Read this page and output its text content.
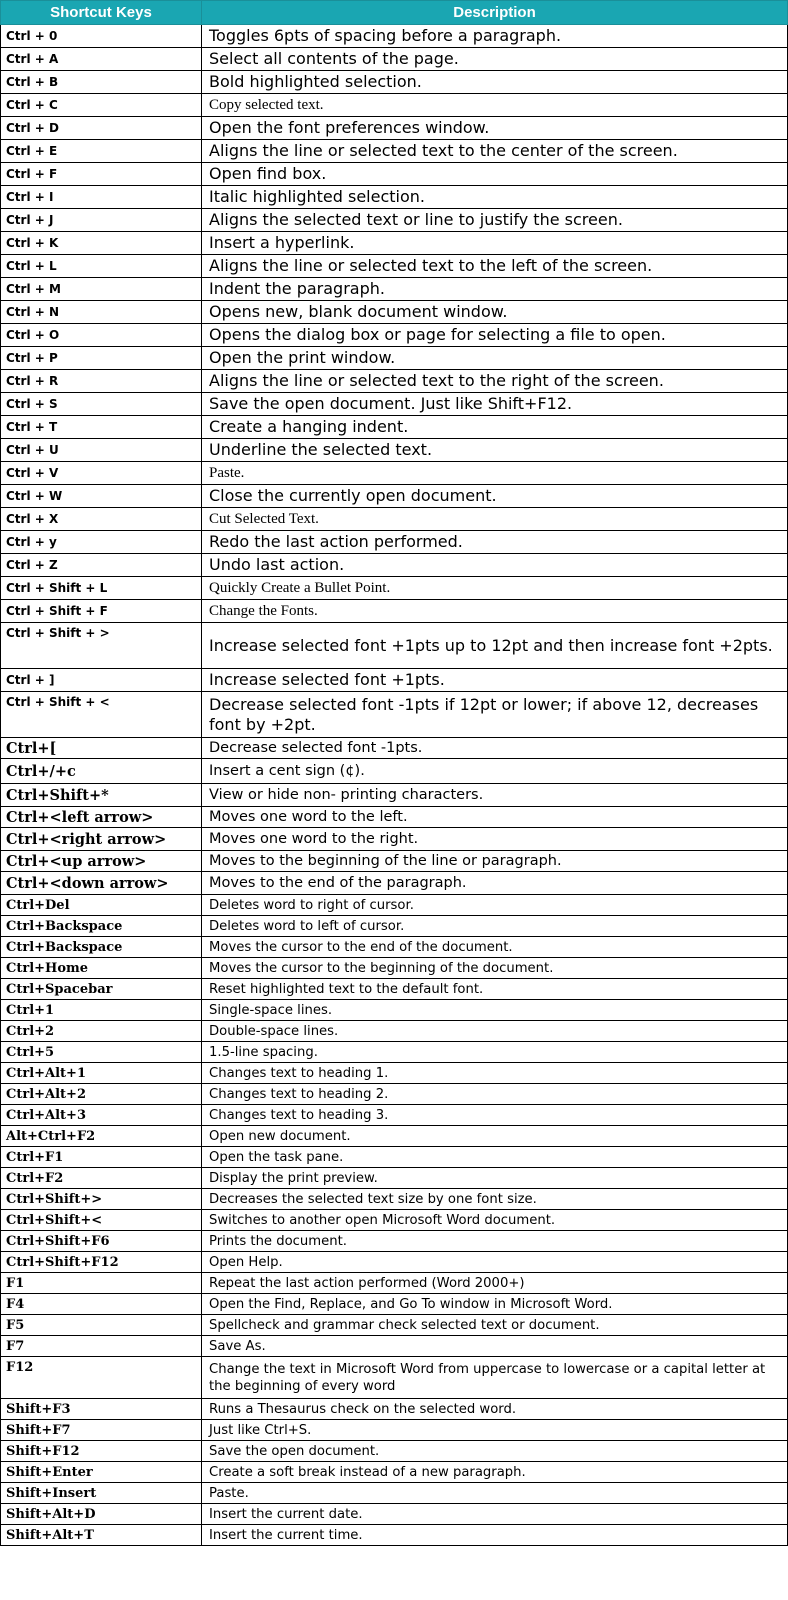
Shortcut Keys	Description
Ctrl + 0	Toggles 6pts of spacing before a paragraph.
Ctrl + A	Select all contents of the page.
Ctrl + B	Bold highlighted selection.
Ctrl + C	Copy selected text.
Ctrl + D	Open the font preferences window.
Ctrl + E	Aligns the line or selected text to the center of the screen.
Ctrl + F	Open find box.
Ctrl + I	Italic highlighted selection.
Ctrl + J	Aligns the selected text or line to justify the screen.
Ctrl + K	Insert a hyperlink.
Ctrl + L	Aligns the line or selected text to the left of the screen.
Ctrl + M	Indent the paragraph.
Ctrl + N	Opens new, blank document window.
Ctrl + O	Opens the dialog box or page for selecting a file to open.
Ctrl + P	Open the print window.
Ctrl + R	Aligns the line or selected text to the right of the screen.
Ctrl + S	Save the open document. Just like Shift+F12.
Ctrl + T	Create a hanging indent.
Ctrl + U	Underline the selected text.
Ctrl + V	Paste.
Ctrl + W	Close the currently open document.
Ctrl + X	Cut Selected Text.
Ctrl + y	Redo the last action performed.
Ctrl + Z	Undo last action.
Ctrl + Shift + L	Quickly Create a Bullet Point.
Ctrl + Shift + F	Change the Fonts.
Ctrl + Shift + >	Increase selected font +1pts up to 12pt and then increase font +2pts.
Ctrl + ]	Increase selected font +1pts.
Ctrl + Shift + <	Decrease selected font -1pts if 12pt or lower; if above 12, decreases font by +2pt.
Ctrl+[	Decrease selected font -1pts.
Ctrl+/+c	Insert a cent sign (¢).
Ctrl+Shift+*	View or hide non- printing characters.
Ctrl+<left arrow>	Moves one word to the left.
Ctrl+<right arrow>	Moves one word to the right.
Ctrl+<up arrow>	Moves to the beginning of the line or paragraph.
Ctrl+<down arrow>	Moves to the end of the paragraph.
Ctrl+Del	Deletes word to right of cursor.
Ctrl+Backspace	Deletes word to left of cursor.
Ctrl+Backspace	Moves the cursor to the end of the document.
Ctrl+Home	Moves the cursor to the beginning of the document.
Ctrl+Spacebar	Reset highlighted text to the default font.
Ctrl+1	Single-space lines.
Ctrl+2	Double-space lines.
Ctrl+5	1.5-line spacing.
Ctrl+Alt+1	Changes text to heading 1.
Ctrl+Alt+2	Changes text to heading 2.
Ctrl+Alt+3	Changes text to heading 3.
Alt+Ctrl+F2	Open new document.
Ctrl+F1	Open the task pane.
Ctrl+F2	Display the print preview.
Ctrl+Shift+>	Decreases the selected text size by one font size.
Ctrl+Shift+<	Switches to another open Microsoft Word document.
Ctrl+Shift+F6	Prints the document.
Ctrl+Shift+F12	Open Help.
F1	Repeat the last action performed (Word 2000+)
F4	Open the Find, Replace, and Go To window in Microsoft Word.
F5	Spellcheck and grammar check selected text or document.
F7	Save As.
F12	Change the text in Microsoft Word from uppercase to lowercase or a capital letter at the beginning of every word
Shift+F3	Runs a Thesaurus check on the selected word.
Shift+F7	Just like Ctrl+S.
Shift+F12	Save the open document.
Shift+Enter	Create a soft break instead of a new paragraph.
Shift+Insert	Paste.
Shift+Alt+D	Insert the current date.
Shift+Alt+T	Insert the current time.
